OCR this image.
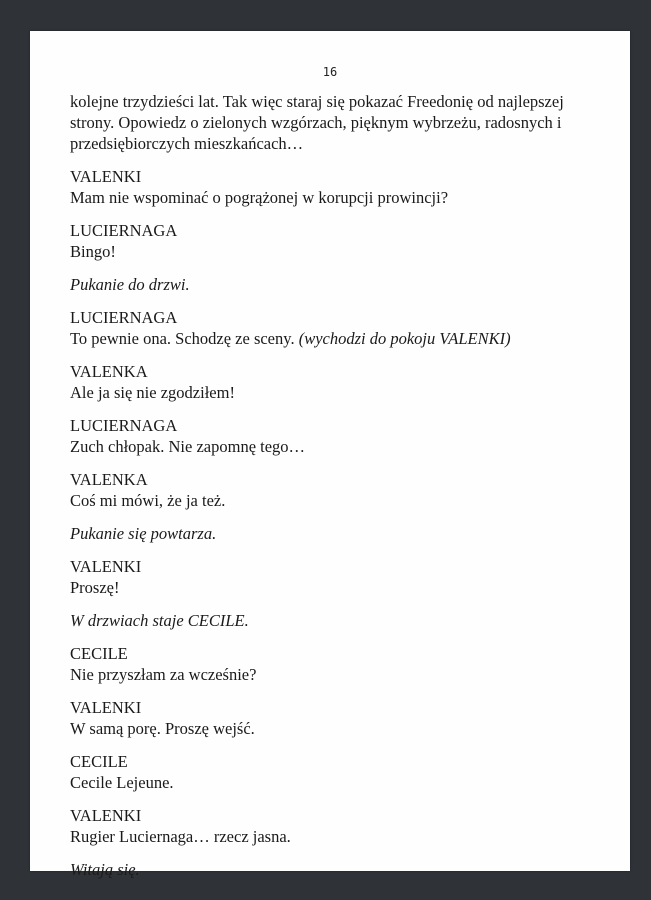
16

kolejne trzydzieści lat. Tak więc staraj się pokazać Freedonię od najlepszej strony. Opowiedz o zielonych wzgórzach, pięknym wybrzeżu, radosnych i przedsiębiorczych mieszkańcach…

VALENKI

Mam nie wspominać o pogrążonej w korupcji prowincji?

LUCIERNAGA

Bingo!

Pukanie do drzwi.

LUCIERNAGA

To pewnie ona. Schodzę ze sceny. (wychodzi do pokoju VALENKI)

VALENKA

Ale ja się nie zgodziłem!

LUCIERNAGA

Zuch chłopak. Nie zapomnę tego…

VALENKA

Coś mi mówi, że ja też.

Pukanie się powtarza.

VALENKI

Proszę!

W drzwiach staje CECILE.

CECILE

Nie przyszłam za wcześnie?

VALENKI

W samą porę. Proszę wejść.

CECILE

Cecile Lejeune.

VALENKI

Rugier Luciernaga… rzecz jasna.

Witają się.
